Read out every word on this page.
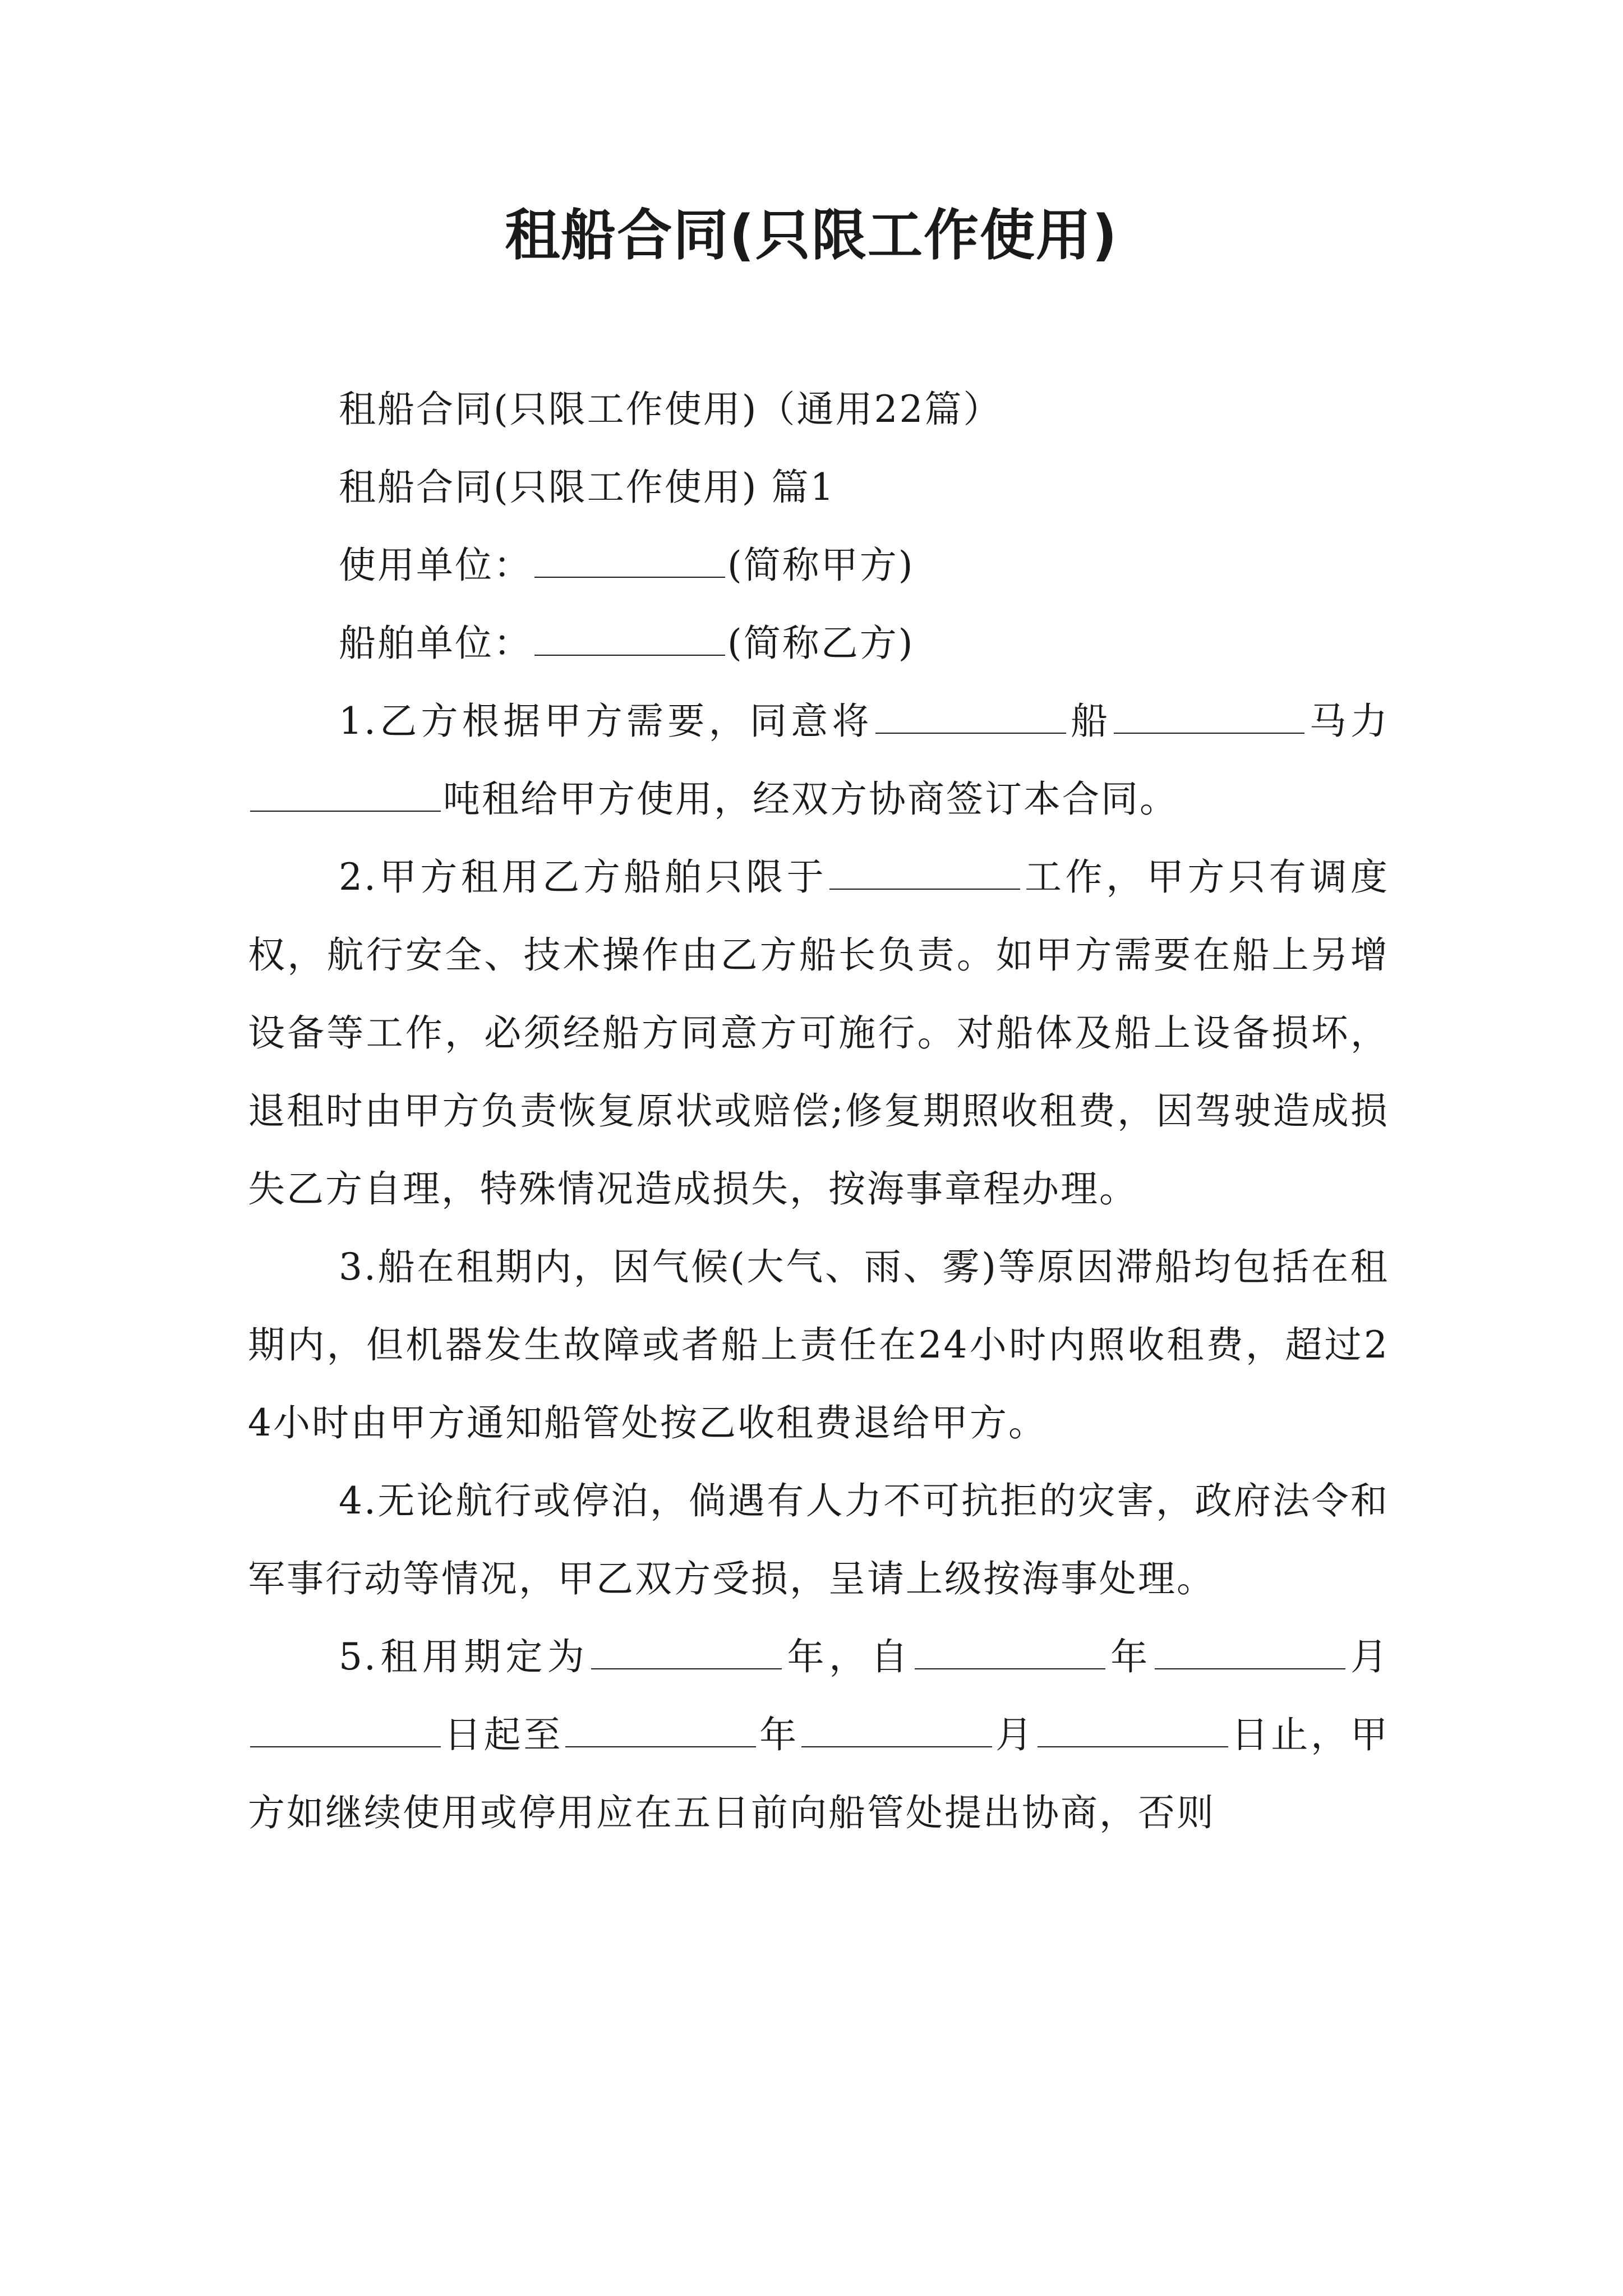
租船合同(只限工作使用)

租船合同(只限工作使用)（通用22篇）

租船合同(只限工作使用) 篇1

使用单位：	(简称甲方)

船舶单位：	(简称乙方)

1.乙方根据甲方需要，同意将	船	马力吨租给甲方使用，经双方协商签订本合同。

2.甲方租用乙方船舶只限于	工作，甲方只有调度权，航行安全、技术操作由乙方船长负责。如甲方需要在船上另增设备等工作，必须经船方同意方可施行。对船体及船上设备损坏，退租时由甲方负责恢复原状或赔偿;修复期照收租费，因驾驶造成损失乙方自理，特殊情况造成损失，按海事章程办理。

3.船在租期内，因气候(大气、雨、雾)等原因滞船均包括在租期内，但机器发生故障或者船上责任在24小时内照收租费，超过24小时由甲方通知船管处按乙收租费退给甲方。

4.无论航行或停泊，倘遇有人力不可抗拒的灾害，政府法令和军事行动等情况，甲乙双方受损，呈请上级按海事处理。

5.租用期定为	年，自	年	月日起至	年	月	日止，甲方如继续使用或停用应在五日前向船管处提出协商，否则
